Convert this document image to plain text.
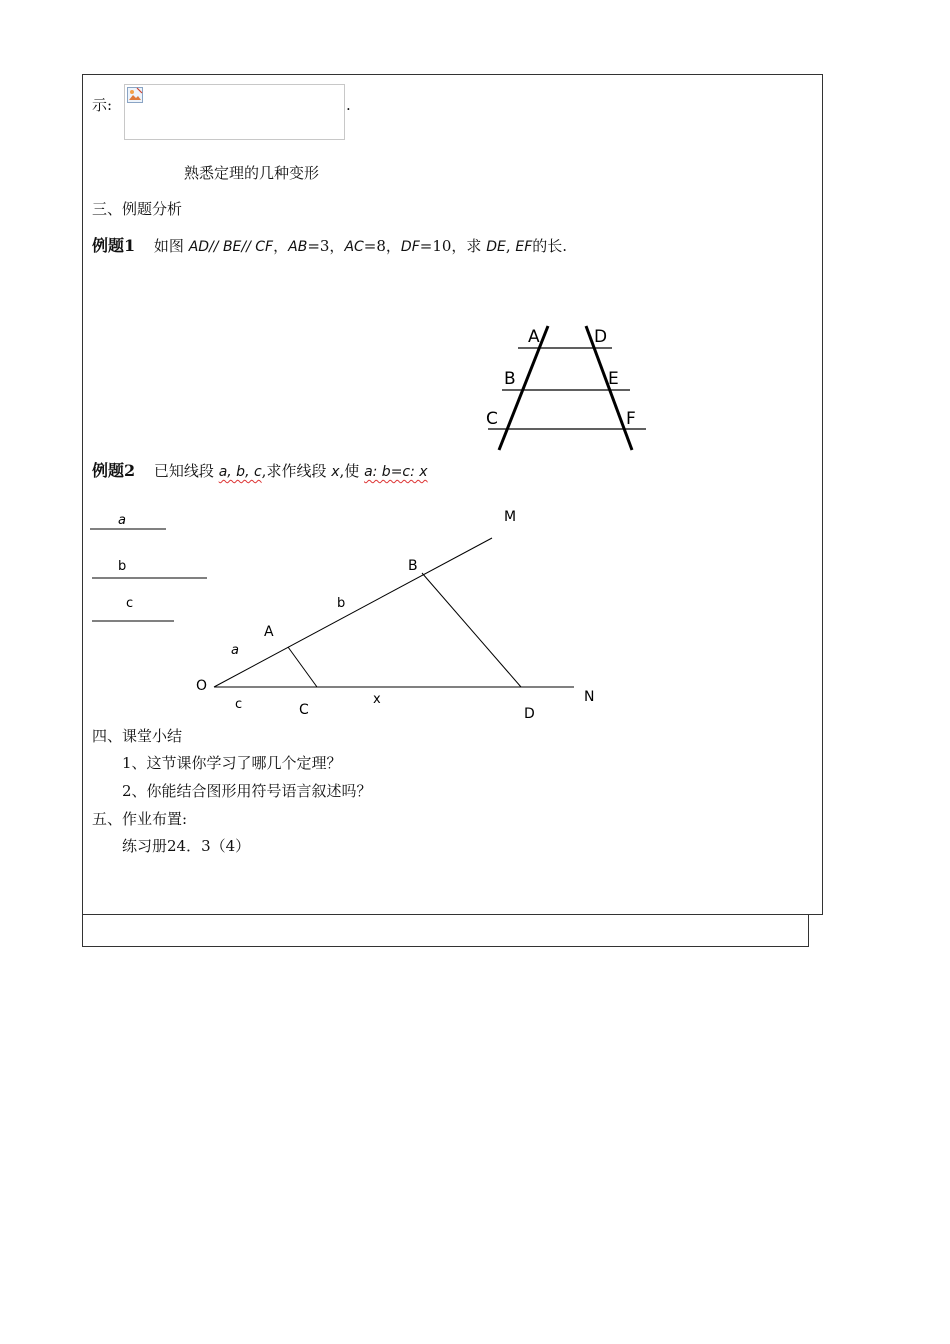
示:	.
熟悉定理的几种变形
三、例题分析
例题1 如图 AD// BE// CF，AB=3，AC=8，DF=10，求 DE, EF的长.
A	D
B	E
C	F
例题2 已知线段 a, b, c,求作线段 x,使 a: b=c: x
a
b
c
M
N
O
A
B
C	D
a
b
c	x
四、课堂小结
1、这节课你学习了哪几个定理？
2、你能结合图形用符号语言叙述吗？
五、作业布置:
练习册24．3（4）
